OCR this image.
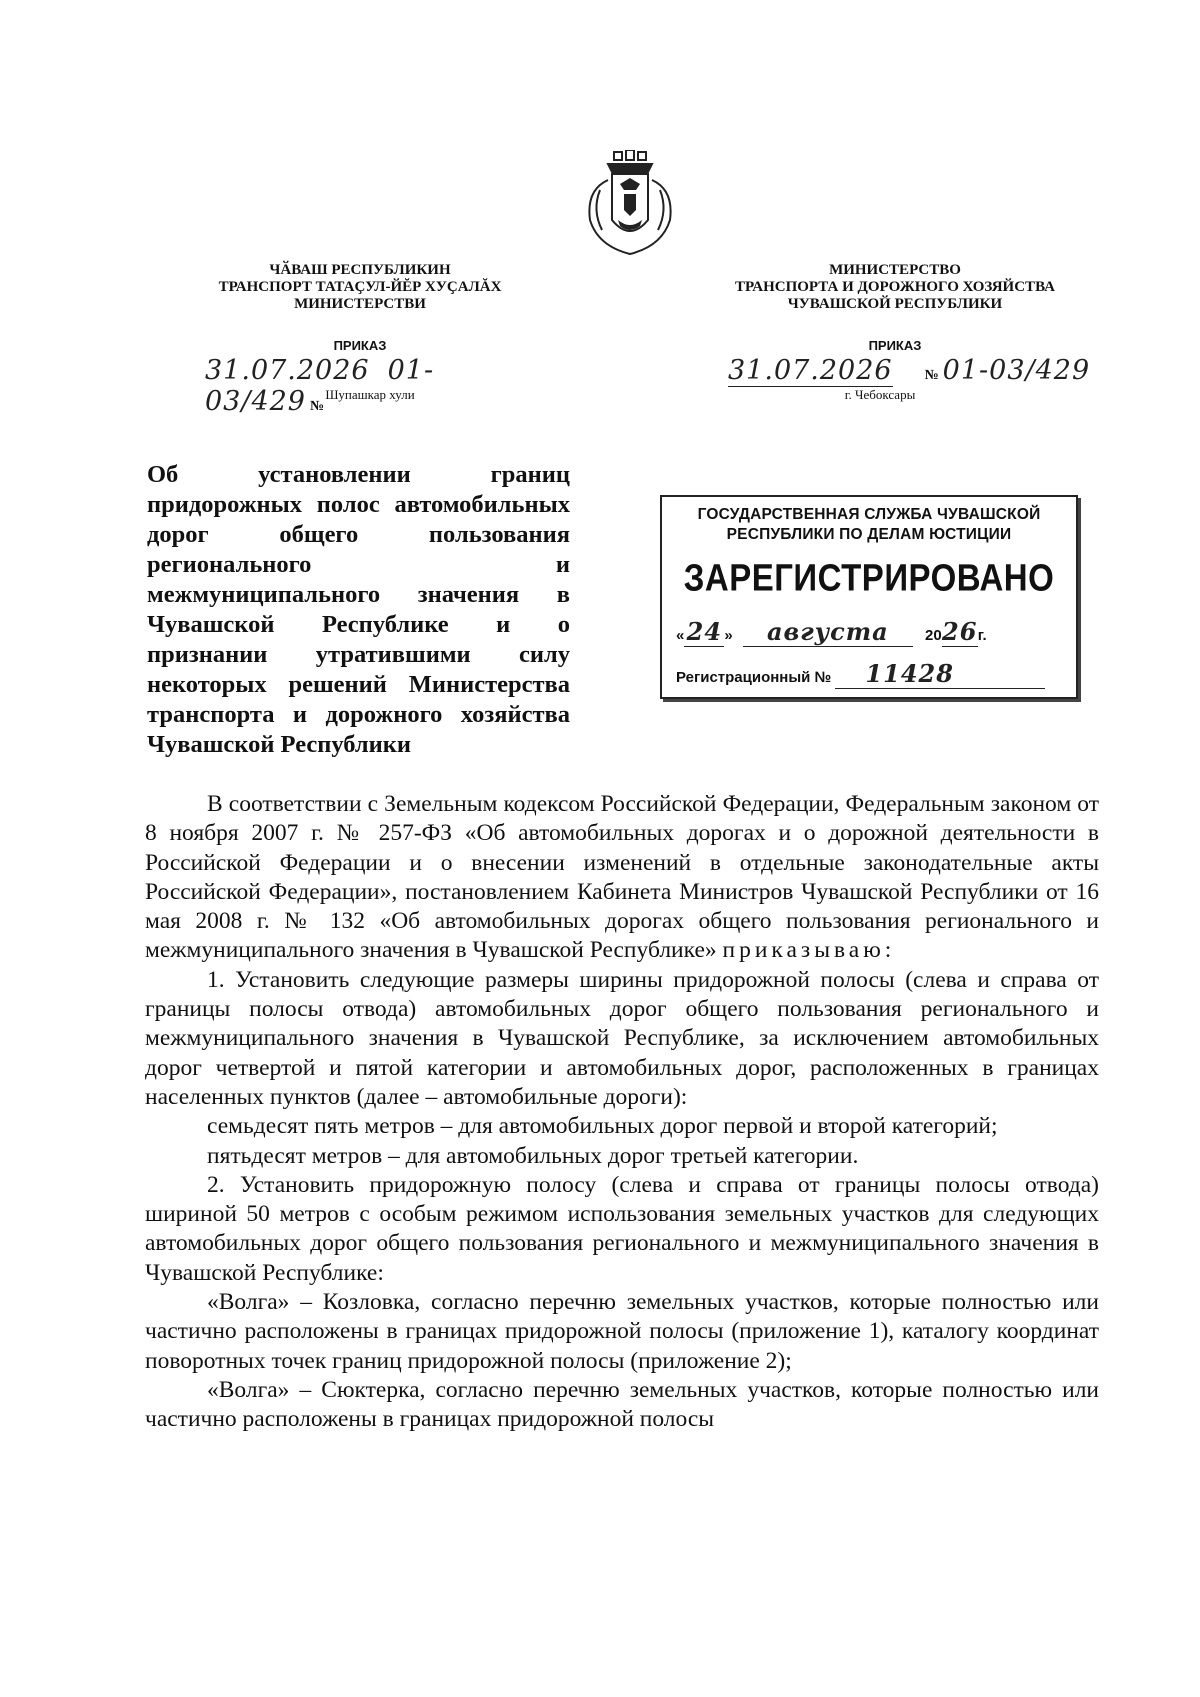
ЧӐВАШ РЕСПУБЛИКИН
ТРАНСПОРТ ТАТАҪУЛ-ЙĔР ХУҪАЛĂХ
МИНИСТЕРСТВИ
ПРИКАЗ
31.07.2026 01-03/429 №
Шупашкар хули
МИНИСТЕРСТВО
ТРАНСПОРТА И ДОРОЖНОГО ХОЗЯЙСТВА
ЧУВАШСКОЙ РЕСПУБЛИКИ
ПРИКАЗ
31.07.2026 № 01-03/429
г. Чебоксары
Об установлении границ придорожных полос автомобильных дорог общего пользования регионального и межмуниципального значения в Чувашской Республике и о признании утратившими силу некоторых решений Министерства транспорта и дорожного хозяйства Чувашской Республики
ГОСУДАРСТВЕННАЯ СЛУЖБА ЧУВАШСКОЙ
РЕСПУБЛИКИ ПО ДЕЛАМ ЮСТИЦИИ
ЗАРЕГИСТРИРОВАНО
«24 » августа 2026г.
Регистрационный № 11428

В соответствии с Земельным кодексом Российской Федерации, Федеральным законом от 8 ноября 2007 г. № 257-ФЗ «Об автомобильных дорогах и о дорожной деятельности в Российской Федерации и о внесении изменений в отдельные законодательные акты Российской Федерации», постановлением Кабинета Министров Чувашской Республики от 16 мая 2008 г. № 132 «Об автомобильных дорогах общего пользования регионального и межмуниципального значения в Чувашской Республике» приказываю:

1. Установить следующие размеры ширины придорожной полосы (слева и справа от границы полосы отвода) автомобильных дорог общего пользования регионального и межмуниципального значения в Чувашской Республике, за исключением автомобильных дорог четвертой и пятой категории и автомобильных дорог, расположенных в границах населенных пунктов (далее – автомобильные дороги):

семьдесят пять метров – для автомобильных дорог первой и второй категорий;

пятьдесят метров – для автомобильных дорог третьей категории.

2. Установить придорожную полосу (слева и справа от границы полосы отвода) шириной 50 метров с особым режимом использования земельных участков для следующих автомобильных дорог общего пользования регионального и межмуниципального значения в Чувашской Республике:

«Волга» – Козловка, согласно перечню земельных участков, которые полностью или частично расположены в границах придорожной полосы (приложение 1), каталогу координат поворотных точек границ придорожной полосы (приложение 2);

«Волга» – Сюктерка, согласно перечню земельных участков, которые полностью или частично расположены в границах придорожной полосы
